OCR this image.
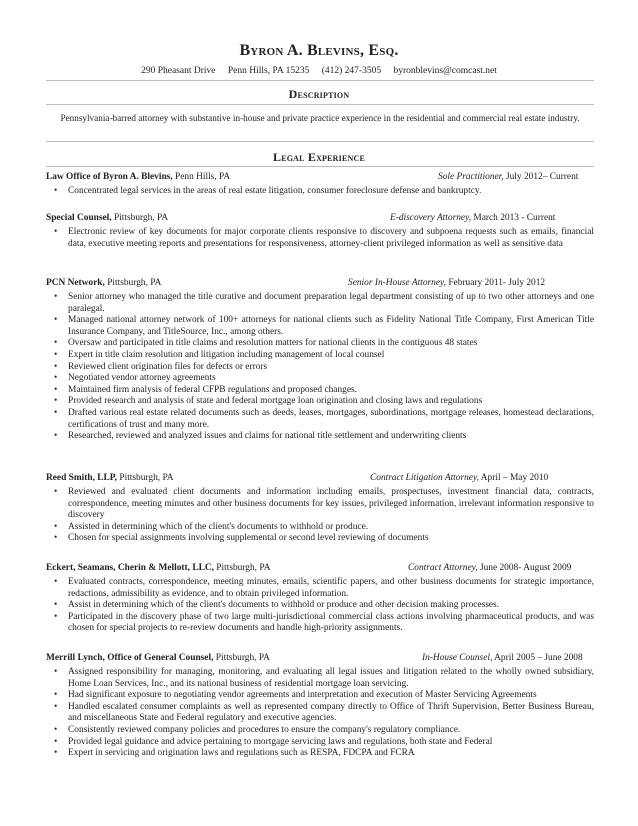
Byron A. Blevins, Esq.
290 Pheasant Drive Penn Hills, PA 15235 (412) 247-3505 byronblevins@comcast.net
Description
Pennsylvania-barred attorney with substantive in-house and private practice experience in the residential and commercial real estate industry.
Legal Experience
Law Office of Byron A. Blevins, Penn Hills, PA	Sole Practitioner, July 2012– Current
• Concentrated legal services in the areas of real estate litigation, consumer foreclosure defense and bankruptcy.
Special Counsel, Pittsburgh, PA	E-discovery Attorney, March 2013 - Current
• Electronic review of key documents for major corporate clients responsive to discovery and subpoena requests such as emails, financial data, executive meeting reports and presentations for responsiveness, attorney-client privileged information as well as sensitive data
PCN Network, Pittsburgh, PA	Senior In-House Attorney, February 2011- July 2012
• Senior attorney who managed the title curative and document preparation legal department consisting of up to two other attorneys and one paralegal.
• Managed national attorney network of 100+ attorneys for national clients such as Fidelity National Title Company, First American Title Insurance Company, and TitleSource, Inc., among others.
• Oversaw and participated in title claims and resolution matters for national clients in the contiguous 48 states
• Expert in title claim resolution and litigation including management of local counsel
• Reviewed client origination files for defects or errors
• Negotiated vendor attorney agreements
• Maintained firm analysis of federal CFPB regulations and proposed changes.
• Provided research and analysis of state and federal mortgage loan origination and closing laws and regulations
• Drafted various real estate related documents such as deeds, leases, mortgages, subordinations, mortgage releases, homestead declarations, certifications of trust and many more.
• Researched, reviewed and analyzed issues and claims for national title settlement and underwriting clients
Reed Smith, LLP, Pittsburgh, PA	Contract Litigation Attorney, April – May 2010
• Reviewed and evaluated client documents and information including emails, prospectuses, investment financial data, contracts, correspondence, meeting minutes and other business documents for key issues, privileged information, irrelevant information responsive to discovery
• Assisted in determining which of the client's documents to withhold or produce.
• Chosen for special assignments involving supplemental or second level reviewing of documents
Eckert, Seamans, Cherin & Mellott, LLC, Pittsburgh, PA	Contract Attorney, June 2008- August 2009
• Evaluated contracts, correspondence, meeting minutes, emails, scientific papers, and other business documents for strategic importance, redactions, admissibility as evidence, and to obtain privileged information.
• Assist in determining which of the client's documents to withhold or produce and other decision making processes.
• Participated in the discovery phase of two large multi-jurisdictional commercial class actions involving pharmaceutical products, and was chosen for special projects to re-review documents and handle high-priority assignments.
Merrill Lynch, Office of General Counsel, Pittsburgh, PA	In-House Counsel, April 2005 – June 2008
• Assigned responsibility for managing, monitoring, and evaluating all legal issues and litigation related to the wholly owned subsidiary, Home Loan Services, Inc., and its national business of residential mortgage loan servicing.
• Had significant exposure to negotiating vendor agreements and interpretation and execution of Master Servicing Agreements
• Handled escalated consumer complaints as well as represented company directly to Office of Thrift Supervision, Better Business Bureau, and miscellaneous State and Federal regulatory and executive agencies.
• Consistently reviewed company policies and procedures to ensure the company's regulatory compliance.
• Provided legal guidance and advice pertaining to mortgage servicing laws and regulations, both state and Federal
• Expert in servicing and origination laws and regulations such as RESPA, FDCPA and FCRA
